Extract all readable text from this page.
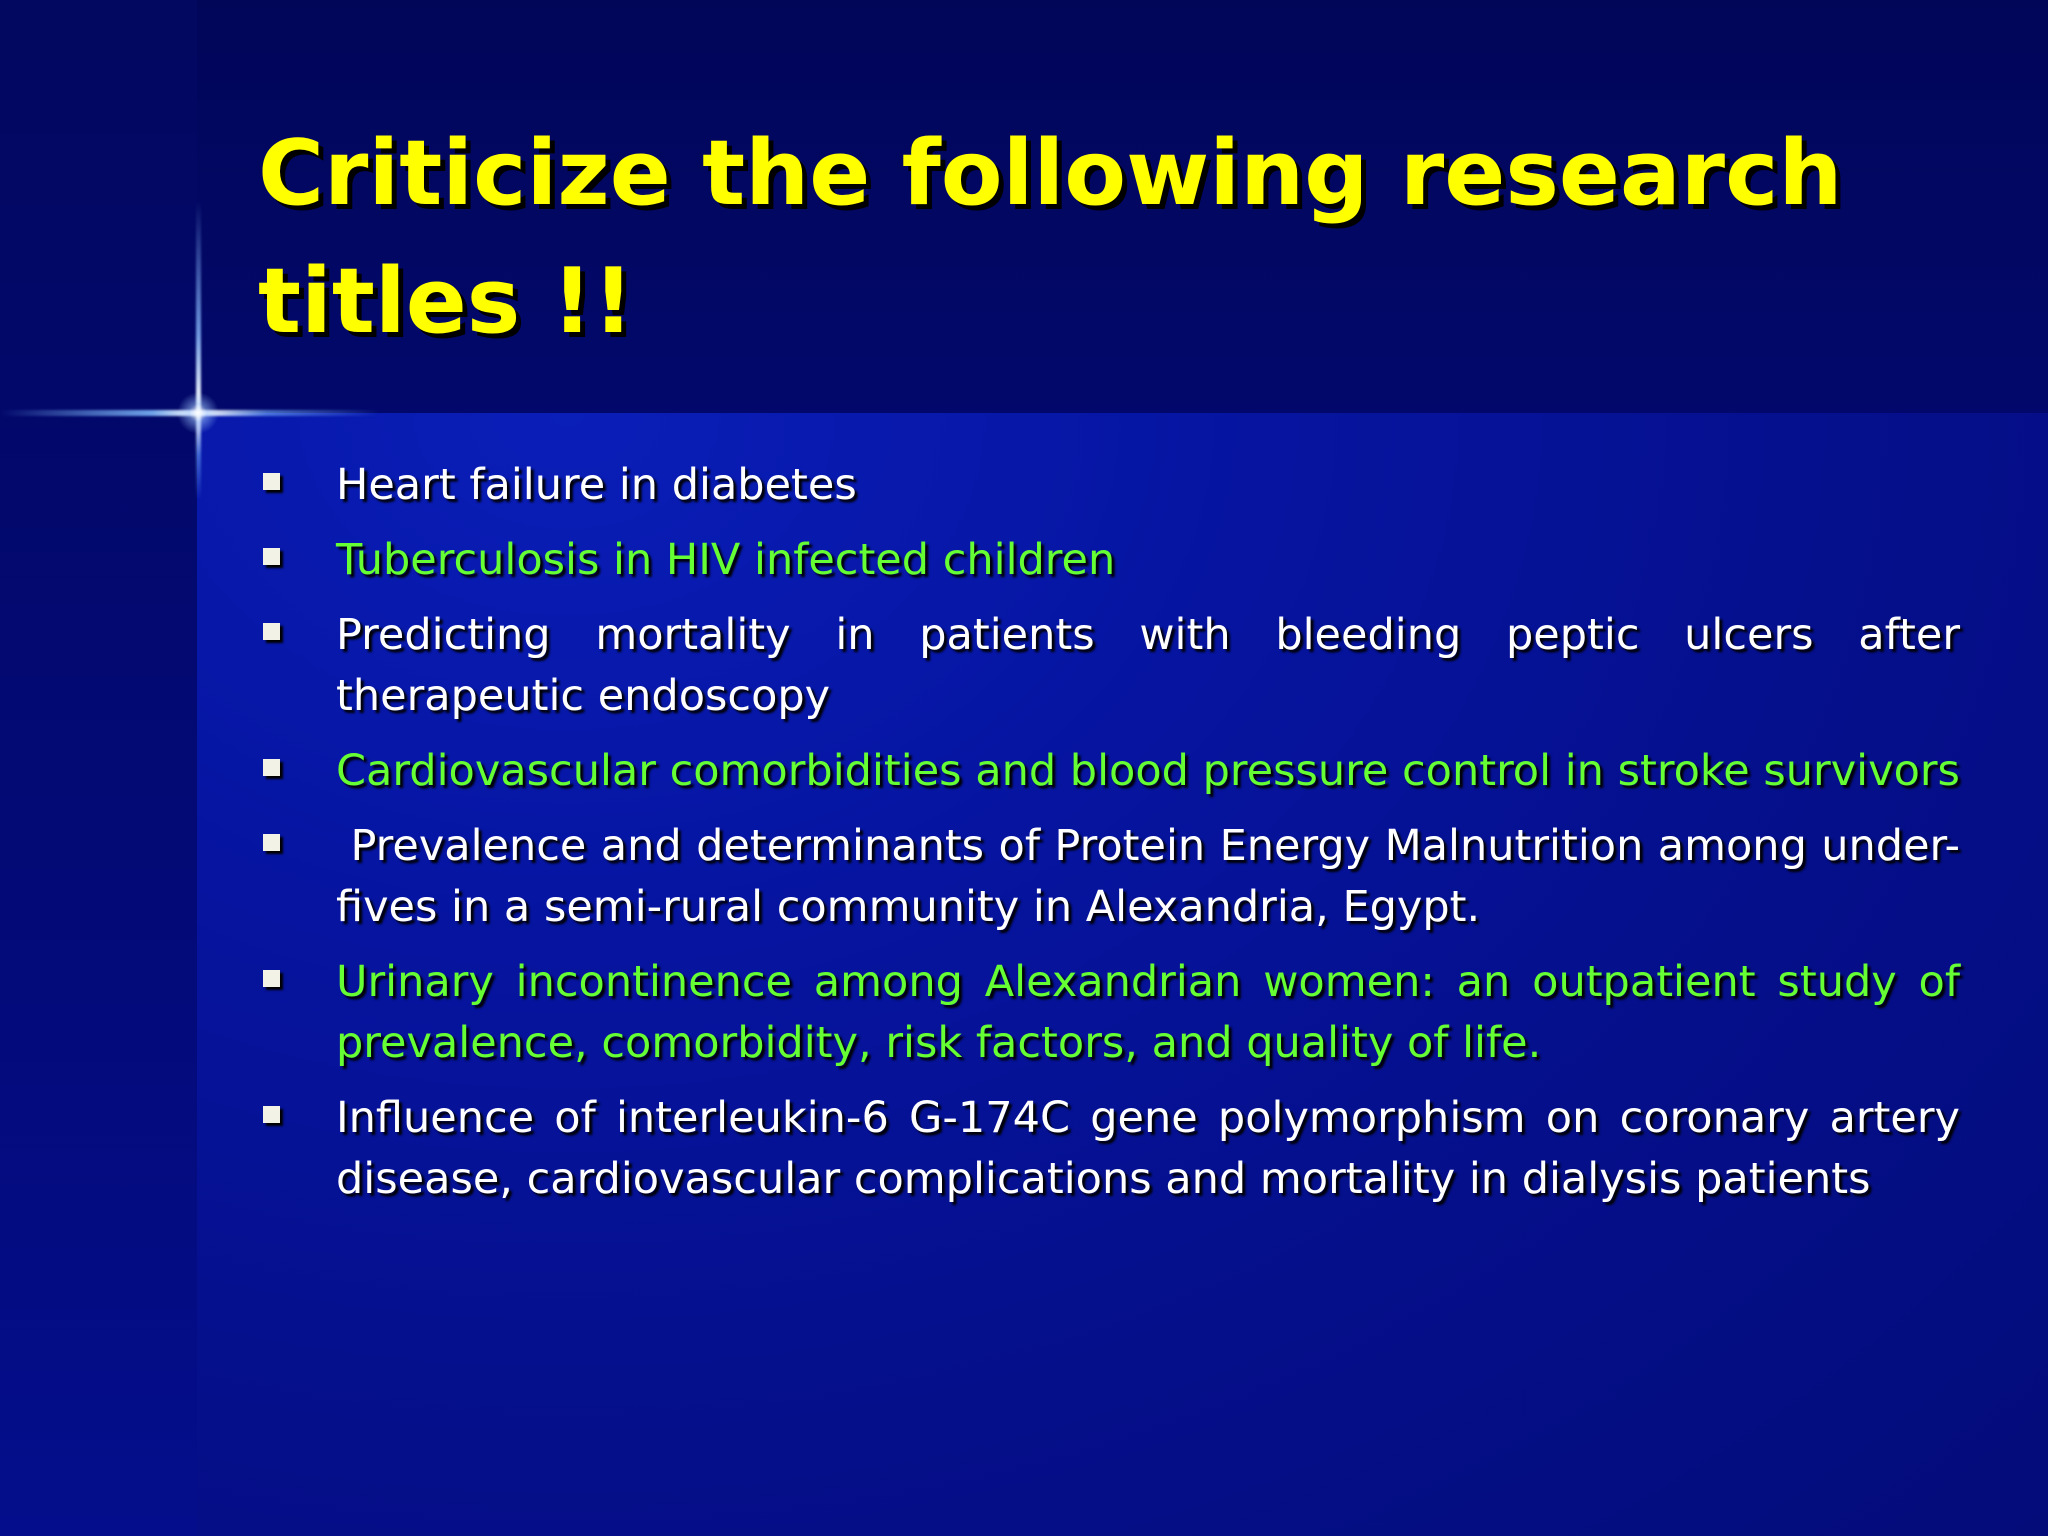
Criticize the following research titles !!
Heart failure in diabetes
Tuberculosis in HIV infected children
Predicting mortality in patients with bleeding peptic ulcers after therapeutic endoscopy
Cardiovascular comorbidities and blood pressure control in stroke survivors
Prevalence and determinants of Protein Energy Malnutrition among under-fives in a semi-rural community in Alexandria, Egypt.
Urinary incontinence among Alexandrian women: an outpatient study of prevalence, comorbidity, risk factors, and quality of life.
Influence of interleukin-6 G-174C gene polymorphism on coronary artery disease, cardiovascular complications and mortality in dialysis patients
